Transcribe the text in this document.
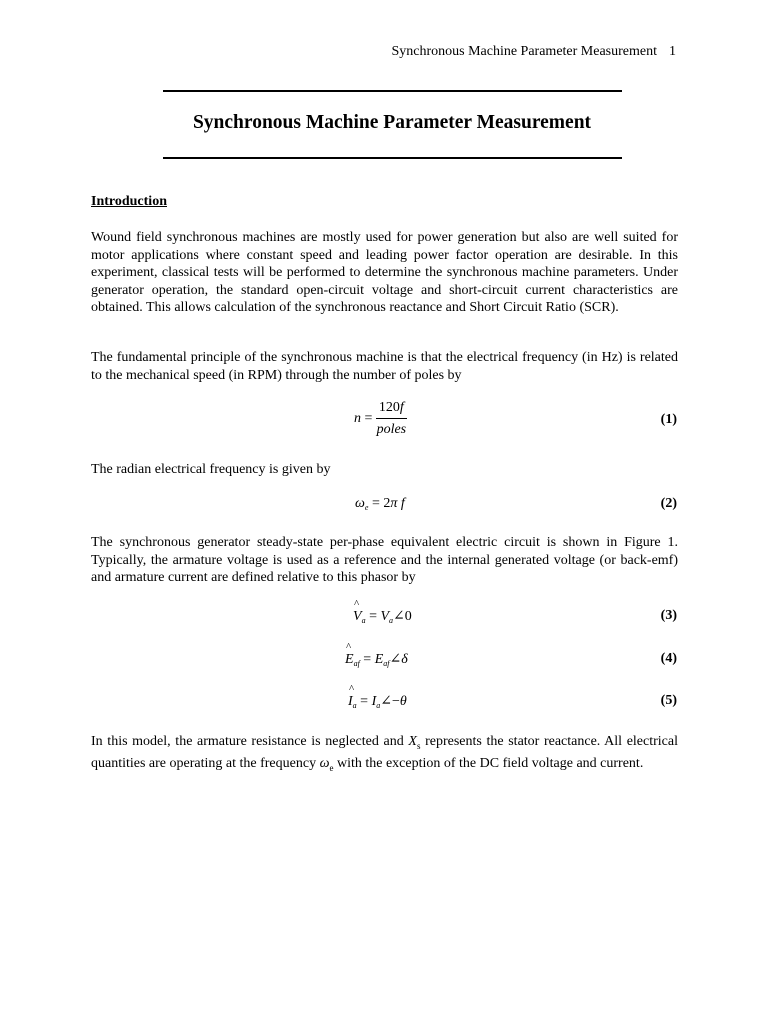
Synchronous Machine Parameter Measurement 1
Synchronous Machine Parameter Measurement
Introduction
Wound field synchronous machines are mostly used for power generation but also are well suited for motor applications where constant speed and leading power factor operation are desirable. In this experiment, classical tests will be performed to determine the synchronous machine parameters. Under generator operation, the standard open-circuit voltage and short-circuit current characteristics are obtained. This allows calculation of the synchronous reactance and Short Circuit Ratio (SCR).
The fundamental principle of the synchronous machine is that the electrical frequency (in Hz) is related to the mechanical speed (in RPM) through the number of poles by
$n = \frac{120f}{\text{poles}}$	(1)
The radian electrical frequency is given by
$\omega_e = 2\pi$ f	(2)
The synchronous generator steady-state per-phase equivalent electric circuit is shown in Figure 1. Typically, the armature voltage is used as a reference and the internal generated voltage (or back-emf) and armature current are defined relative to this phasor by
^ $V_a$ = $V_a\angle 0$	(3)
^ $E_{af}$ = $E_{af}\angle\delta$	(4)
^ $I_a$ = $I_a\angle-\theta$	(5)
In this model, the armature resistance is neglected and $X_s$ represents the stator reactance. All electrical quantities are operating at the frequency $\omega_e$ with the exception of the DC field voltage and current.
